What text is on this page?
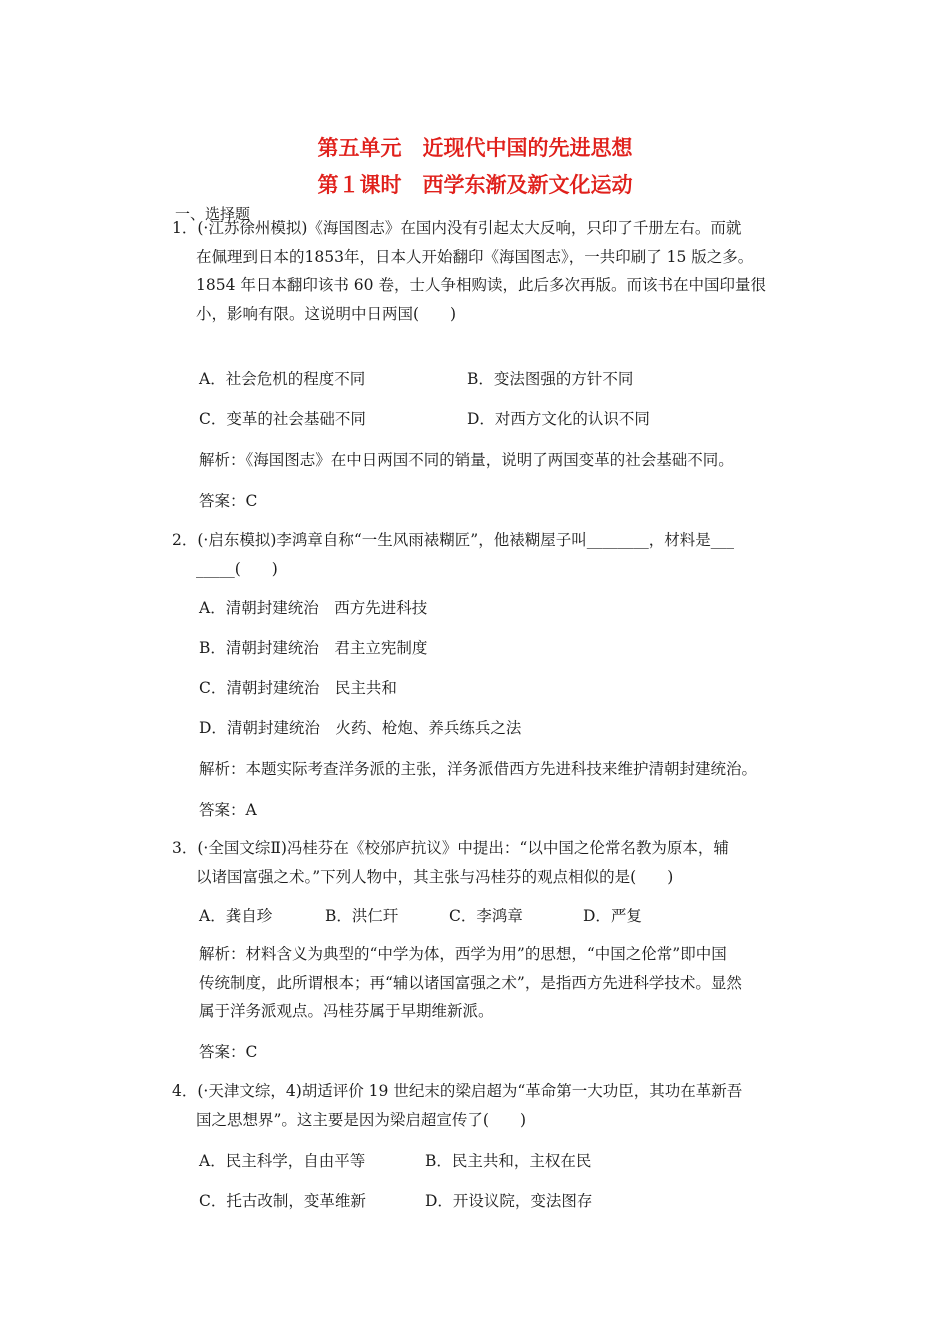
第五单元　近现代中国的先进思想
第１课时　西学东渐及新文化运动
一、选择题
1．(·江苏徐州模拟)《海国图志》在国内没有引起太大反响，只印了千册左右。而就
在佩理到日本的1853年，日本人开始翻印《海国图志》，一共印刷了 15 版之多。
1854 年日本翻印该书 60 卷，士人争相购读，此后多次再版。而该书在中国印量很
小，影响有限。这说明中日两国(　　)

A．社会危机的程度不同

	B．变法图强的方针不同

C．变革的社会基础不同

	D．对西方文化的认识不同

解析：《海国图志》在中日两国不同的销量，说明了两国变革的社会基础不同。
答案：C
2．(·启东模拟)李鸿章自称“一生风雨裱糊匠”，他裱糊屋子叫________，材料是___
_____(　　)
A．清朝封建统治　西方先进科技
B．清朝封建统治　君主立宪制度
C．清朝封建统治　民主共和
D．清朝封建统治　火药、枪炮、养兵练兵之法
解析：本题实际考查洋务派的主张，洋务派借西方先进科技来维护清朝封建统治。
答案：A
3．(·全国文综Ⅱ)冯桂芬在《校邠庐抗议》中提出：“以中国之伦常名教为原本，辅
以诸国富强之术。”下列人物中，其主张与冯桂芬的观点相似的是(　　)

A．龚自珍

	B．洪仁玕

	C．李鸿章

	D．严复

解析：材料含义为典型的“中学为体，西学为用”的思想，“中国之伦常”即中国
传统制度，此所谓根本；再“辅以诸国富强之术”，是指西方先进科学技术。显然
属于洋务派观点。冯桂芬属于早期维新派。
答案：C
4．(·天津文综，4)胡适评价 19 世纪末的梁启超为“革命第一大功臣，其功在革新吾
国之思想界”。这主要是因为梁启超宣传了(　　)

A．民主科学，自由平等

	B．民主共和，主权在民

C．托古改制，变革维新

	D．开设议院，变法图存
